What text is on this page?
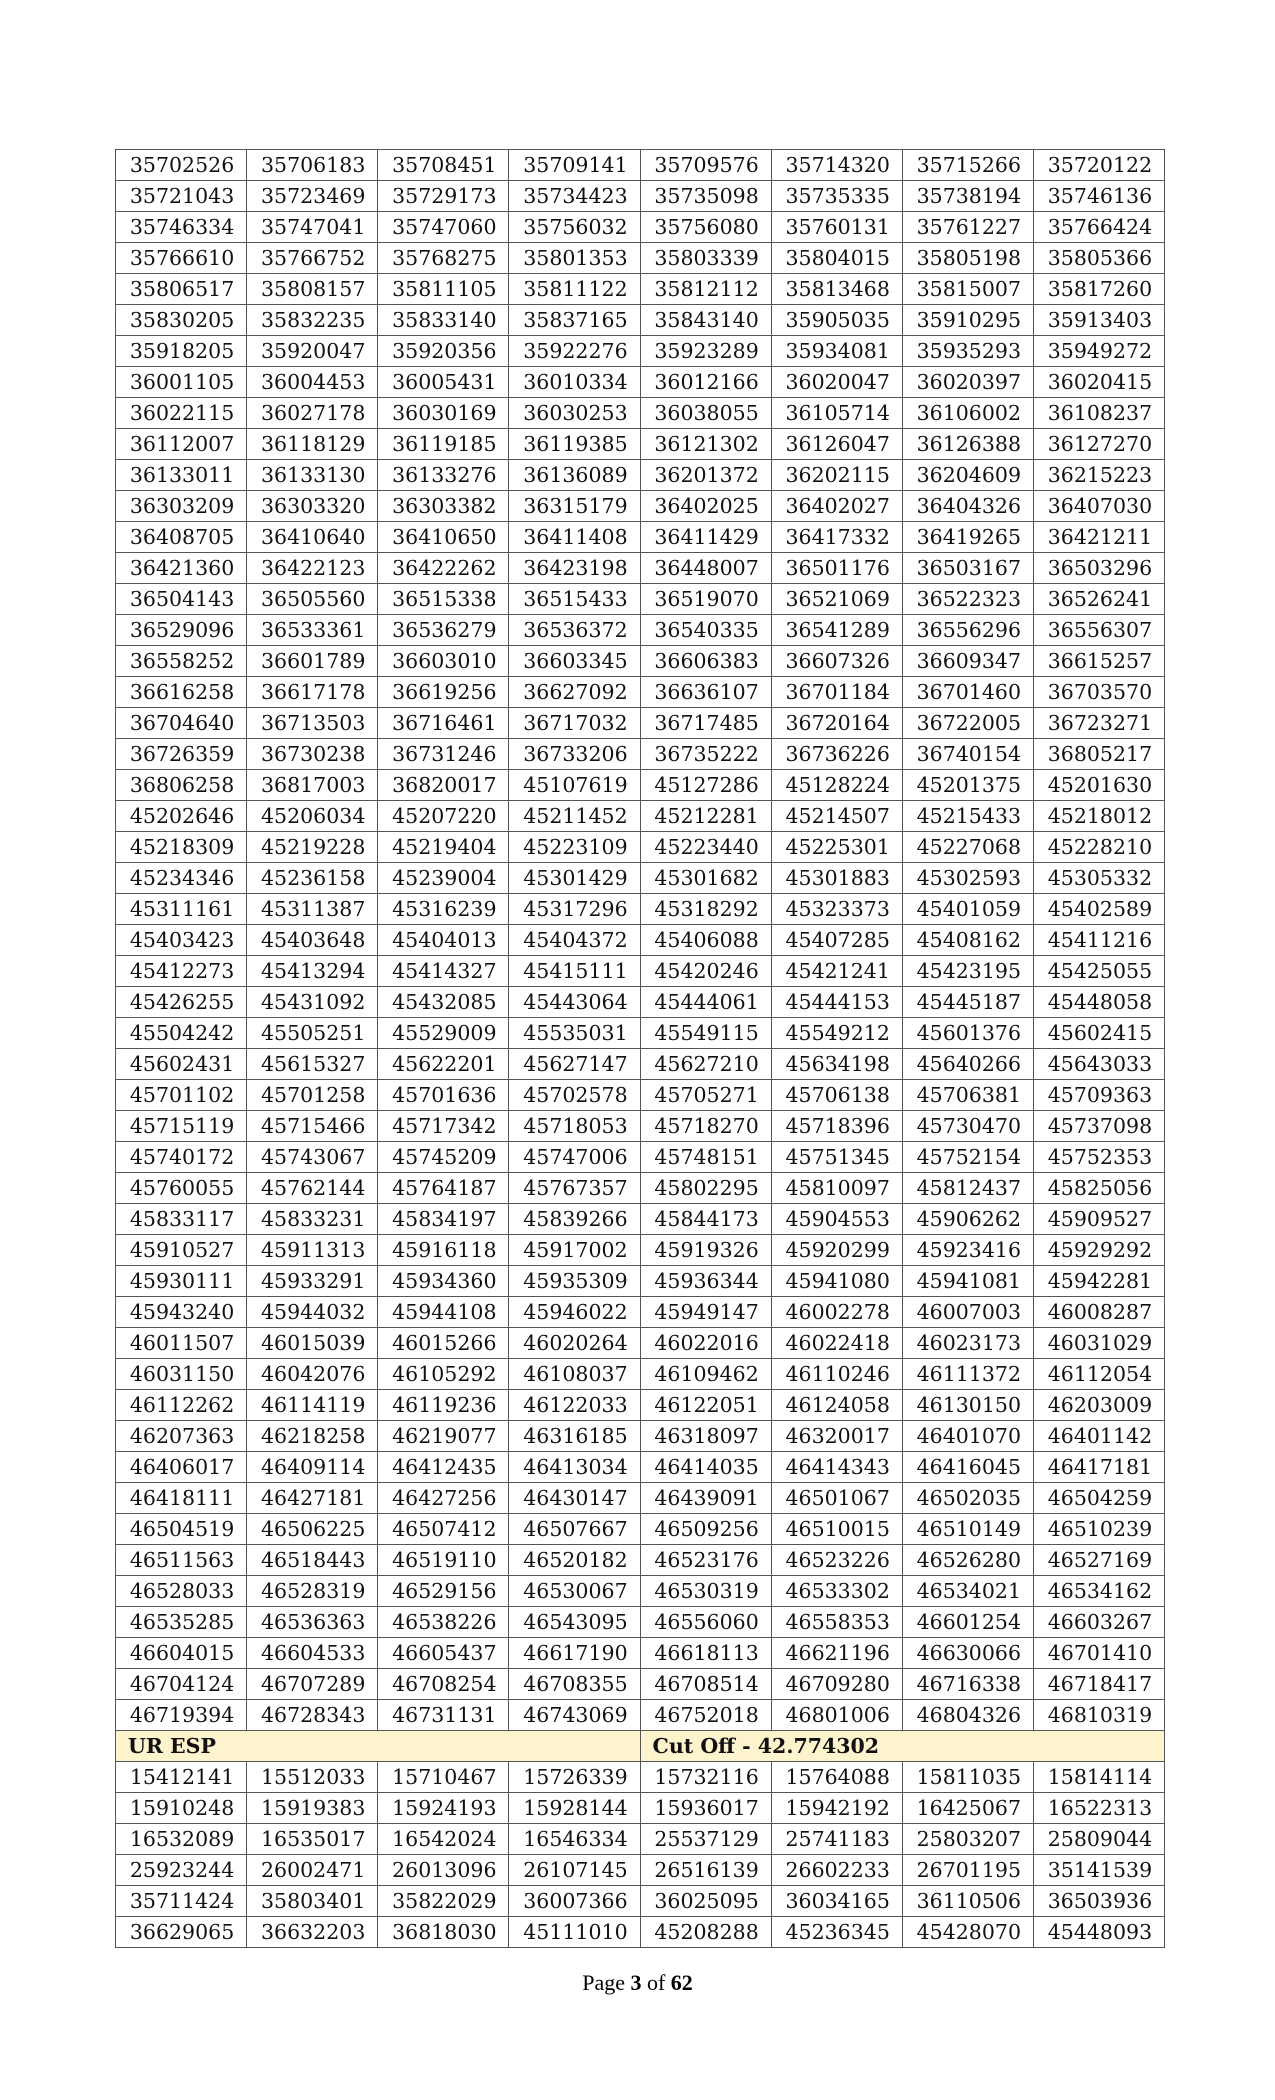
35702526	35706183	35708451	35709141	35709576	35714320	35715266	35720122
35721043	35723469	35729173	35734423	35735098	35735335	35738194	35746136
35746334	35747041	35747060	35756032	35756080	35760131	35761227	35766424
35766610	35766752	35768275	35801353	35803339	35804015	35805198	35805366
35806517	35808157	35811105	35811122	35812112	35813468	35815007	35817260
35830205	35832235	35833140	35837165	35843140	35905035	35910295	35913403
35918205	35920047	35920356	35922276	35923289	35934081	35935293	35949272
36001105	36004453	36005431	36010334	36012166	36020047	36020397	36020415
36022115	36027178	36030169	36030253	36038055	36105714	36106002	36108237
36112007	36118129	36119185	36119385	36121302	36126047	36126388	36127270
36133011	36133130	36133276	36136089	36201372	36202115	36204609	36215223
36303209	36303320	36303382	36315179	36402025	36402027	36404326	36407030
36408705	36410640	36410650	36411408	36411429	36417332	36419265	36421211
36421360	36422123	36422262	36423198	36448007	36501176	36503167	36503296
36504143	36505560	36515338	36515433	36519070	36521069	36522323	36526241
36529096	36533361	36536279	36536372	36540335	36541289	36556296	36556307
36558252	36601789	36603010	36603345	36606383	36607326	36609347	36615257
36616258	36617178	36619256	36627092	36636107	36701184	36701460	36703570
36704640	36713503	36716461	36717032	36717485	36720164	36722005	36723271
36726359	36730238	36731246	36733206	36735222	36736226	36740154	36805217
36806258	36817003	36820017	45107619	45127286	45128224	45201375	45201630
45202646	45206034	45207220	45211452	45212281	45214507	45215433	45218012
45218309	45219228	45219404	45223109	45223440	45225301	45227068	45228210
45234346	45236158	45239004	45301429	45301682	45301883	45302593	45305332
45311161	45311387	45316239	45317296	45318292	45323373	45401059	45402589
45403423	45403648	45404013	45404372	45406088	45407285	45408162	45411216
45412273	45413294	45414327	45415111	45420246	45421241	45423195	45425055
45426255	45431092	45432085	45443064	45444061	45444153	45445187	45448058
45504242	45505251	45529009	45535031	45549115	45549212	45601376	45602415
45602431	45615327	45622201	45627147	45627210	45634198	45640266	45643033
45701102	45701258	45701636	45702578	45705271	45706138	45706381	45709363
45715119	45715466	45717342	45718053	45718270	45718396	45730470	45737098
45740172	45743067	45745209	45747006	45748151	45751345	45752154	45752353
45760055	45762144	45764187	45767357	45802295	45810097	45812437	45825056
45833117	45833231	45834197	45839266	45844173	45904553	45906262	45909527
45910527	45911313	45916118	45917002	45919326	45920299	45923416	45929292
45930111	45933291	45934360	45935309	45936344	45941080	45941081	45942281
45943240	45944032	45944108	45946022	45949147	46002278	46007003	46008287
46011507	46015039	46015266	46020264	46022016	46022418	46023173	46031029
46031150	46042076	46105292	46108037	46109462	46110246	46111372	46112054
46112262	46114119	46119236	46122033	46122051	46124058	46130150	46203009
46207363	46218258	46219077	46316185	46318097	46320017	46401070	46401142
46406017	46409114	46412435	46413034	46414035	46414343	46416045	46417181
46418111	46427181	46427256	46430147	46439091	46501067	46502035	46504259
46504519	46506225	46507412	46507667	46509256	46510015	46510149	46510239
46511563	46518443	46519110	46520182	46523176	46523226	46526280	46527169
46528033	46528319	46529156	46530067	46530319	46533302	46534021	46534162
46535285	46536363	46538226	46543095	46556060	46558353	46601254	46603267
46604015	46604533	46605437	46617190	46618113	46621196	46630066	46701410
46704124	46707289	46708254	46708355	46708514	46709280	46716338	46718417
46719394	46728343	46731131	46743069	46752018	46801006	46804326	46810319
UR ESP				Cut Off - 42.774302			
15412141	15512033	15710467	15726339	15732116	15764088	15811035	15814114
15910248	15919383	15924193	15928144	15936017	15942192	16425067	16522313
16532089	16535017	16542024	16546334	25537129	25741183	25803207	25809044
25923244	26002471	26013096	26107145	26516139	26602233	26701195	35141539
35711424	35803401	35822029	36007366	36025095	36034165	36110506	36503936
36629065	36632203	36818030	45111010	45208288	45236345	45428070	45448093
Page 3 of 62
